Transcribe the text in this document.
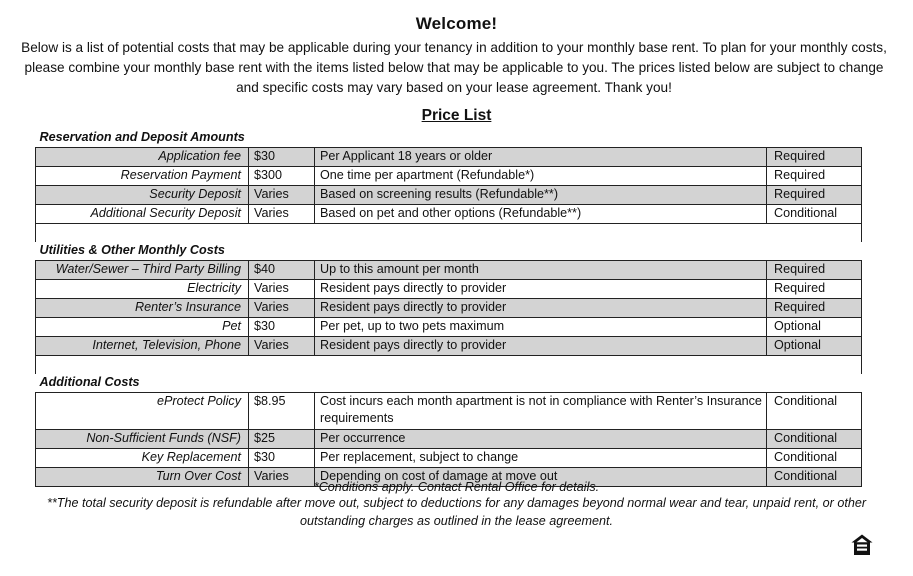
Welcome!
Below is a list of potential costs that may be applicable during your tenancy in addition to your monthly base rent. To plan for your monthly costs, please combine your monthly base rent with the items listed below that may be applicable to you. The prices listed below are subject to change and specific costs may vary based on your lease agreement. Thank you!
Price List
Reservation and Deposit Amounts			
Application fee	$30	Per Applicant 18 years or older	Required
Reservation Payment	$300	One time per apartment (Refundable*)	Required
Security Deposit	Varies	Based on screening results (Refundable**)	Required
Additional Security Deposit	Varies	Based on pet and other options (Refundable**)	Conditional

Utilities & Other Monthly Costs			
Water/Sewer – Third Party Billing	$40	Up to this amount per month	Required
Electricity	Varies	Resident pays directly to provider	Required
Renter’s Insurance	Varies	Resident pays directly to provider	Required
Pet	$30	Per pet, up to two pets maximum	Optional
Internet, Television, Phone	Varies	Resident pays directly to provider	Optional

Additional Costs			
eProtect Policy	$8.95	Cost incurs each month apartment is not in compliance with Renter’s Insurance requirements	Conditional
Non-Sufficient Funds (NSF)	$25	Per occurrence	Conditional
Key Replacement	$30	Per replacement, subject to change	Conditional
Turn Over Cost	Varies	Depending on cost of damage at move out	Conditional
*Conditions apply. Contact Rental Office for details.
**The total security deposit is refundable after move out, subject to deductions for any damages beyond normal wear and tear, unpaid rent, or other outstanding charges as outlined in the lease agreement.
